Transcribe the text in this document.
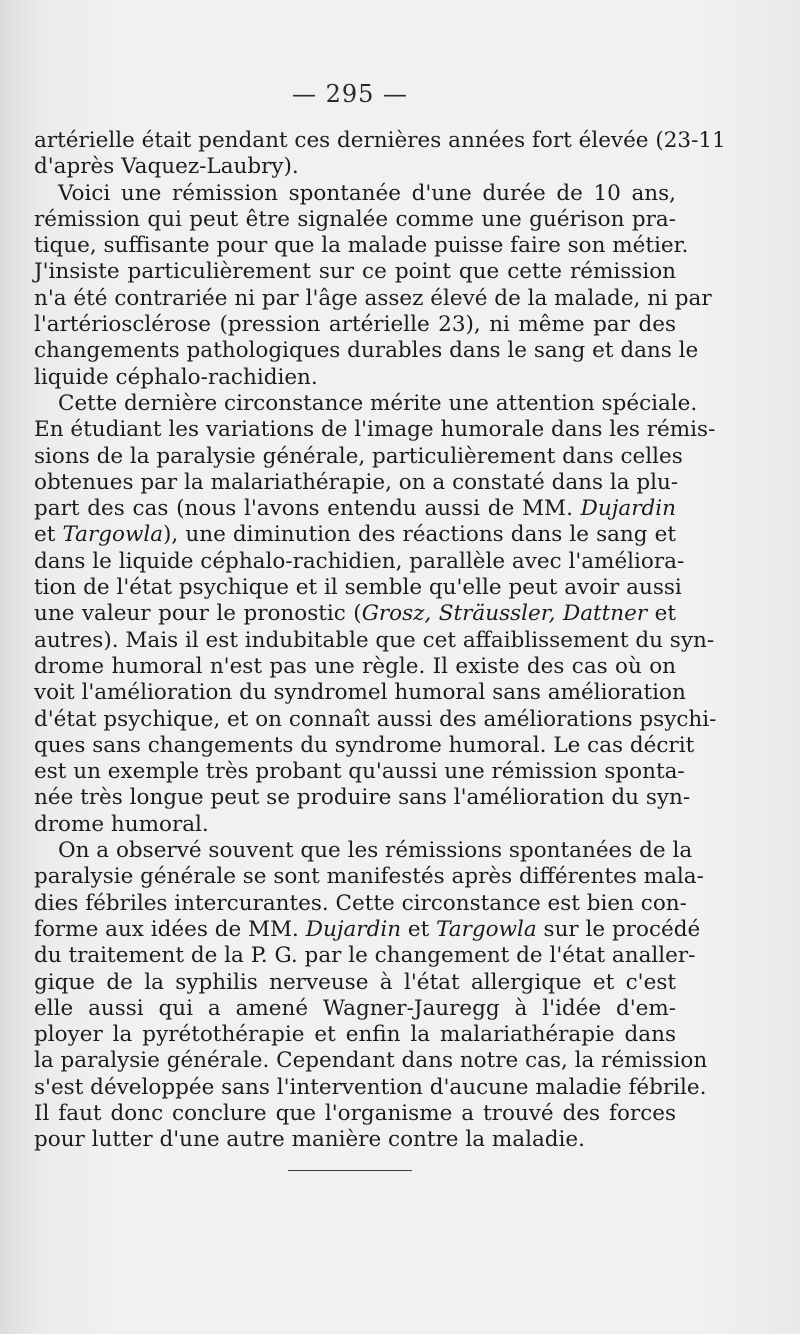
— 295 —

artérielle était pendant ces dernières années fort élevée (23-11
d'après Vaquez-Laubry).

Voici une rémission spontanée d'une durée de 10 ans,
rémission qui peut être signalée comme une guérison pra-
tique, suffisante pour que la malade puisse faire son métier.
J'insiste particulièrement sur ce point que cette rémission
n'a été contrariée ni par l'âge assez élevé de la malade, ni par
l'artériosclérose (pression artérielle 23), ni même par des
changements pathologiques durables dans le sang et dans le
liquide céphalo-rachidien.

Cette dernière circonstance mérite une attention spéciale.
En étudiant les variations de l'image humorale dans les rémis-
sions de la paralysie générale, particulièrement dans celles
obtenues par la malariathérapie, on a constaté dans la plu-
part des cas (nous l'avons entendu aussi de MM. Dujardin
et Targowla), une diminution des réactions dans le sang et
dans le liquide céphalo-rachidien, parallèle avec l'améliora-
tion de l'état psychique et il semble qu'elle peut avoir aussi
une valeur pour le pronostic (Grosz, Sträussler, Dattner et
autres). Mais il est indubitable que cet affaiblissement du syn-
drome humoral n'est pas une règle. Il existe des cas où on
voit l'amélioration du syndromel humoral sans amélioration
d'état psychique, et on connaît aussi des améliorations psychi-
ques sans changements du syndrome humoral. Le cas décrit
est un exemple très probant qu'aussi une rémission sponta-
née très longue peut se produire sans l'amélioration du syn-
drome humoral.

On a observé souvent que les rémissions spontanées de la
paralysie générale se sont manifestés après différentes mala-
dies fébriles intercurantes. Cette circonstance est bien con-
forme aux idées de MM. Dujardin et Targowla sur le procédé
du traitement de la P. G. par le changement de l'état analler-
gique de la syphilis nerveuse à l'état allergique et c'est
elle aussi qui a amené Wagner-Jauregg à l'idée d'em-
ployer la pyrétothérapie et enfin la malariathérapie dans
la paralysie générale. Cependant dans notre cas, la rémission
s'est développée sans l'intervention d'aucune maladie fébrile.
Il faut donc conclure que l'organisme a trouvé des forces
pour lutter d'une autre manière contre la maladie.
